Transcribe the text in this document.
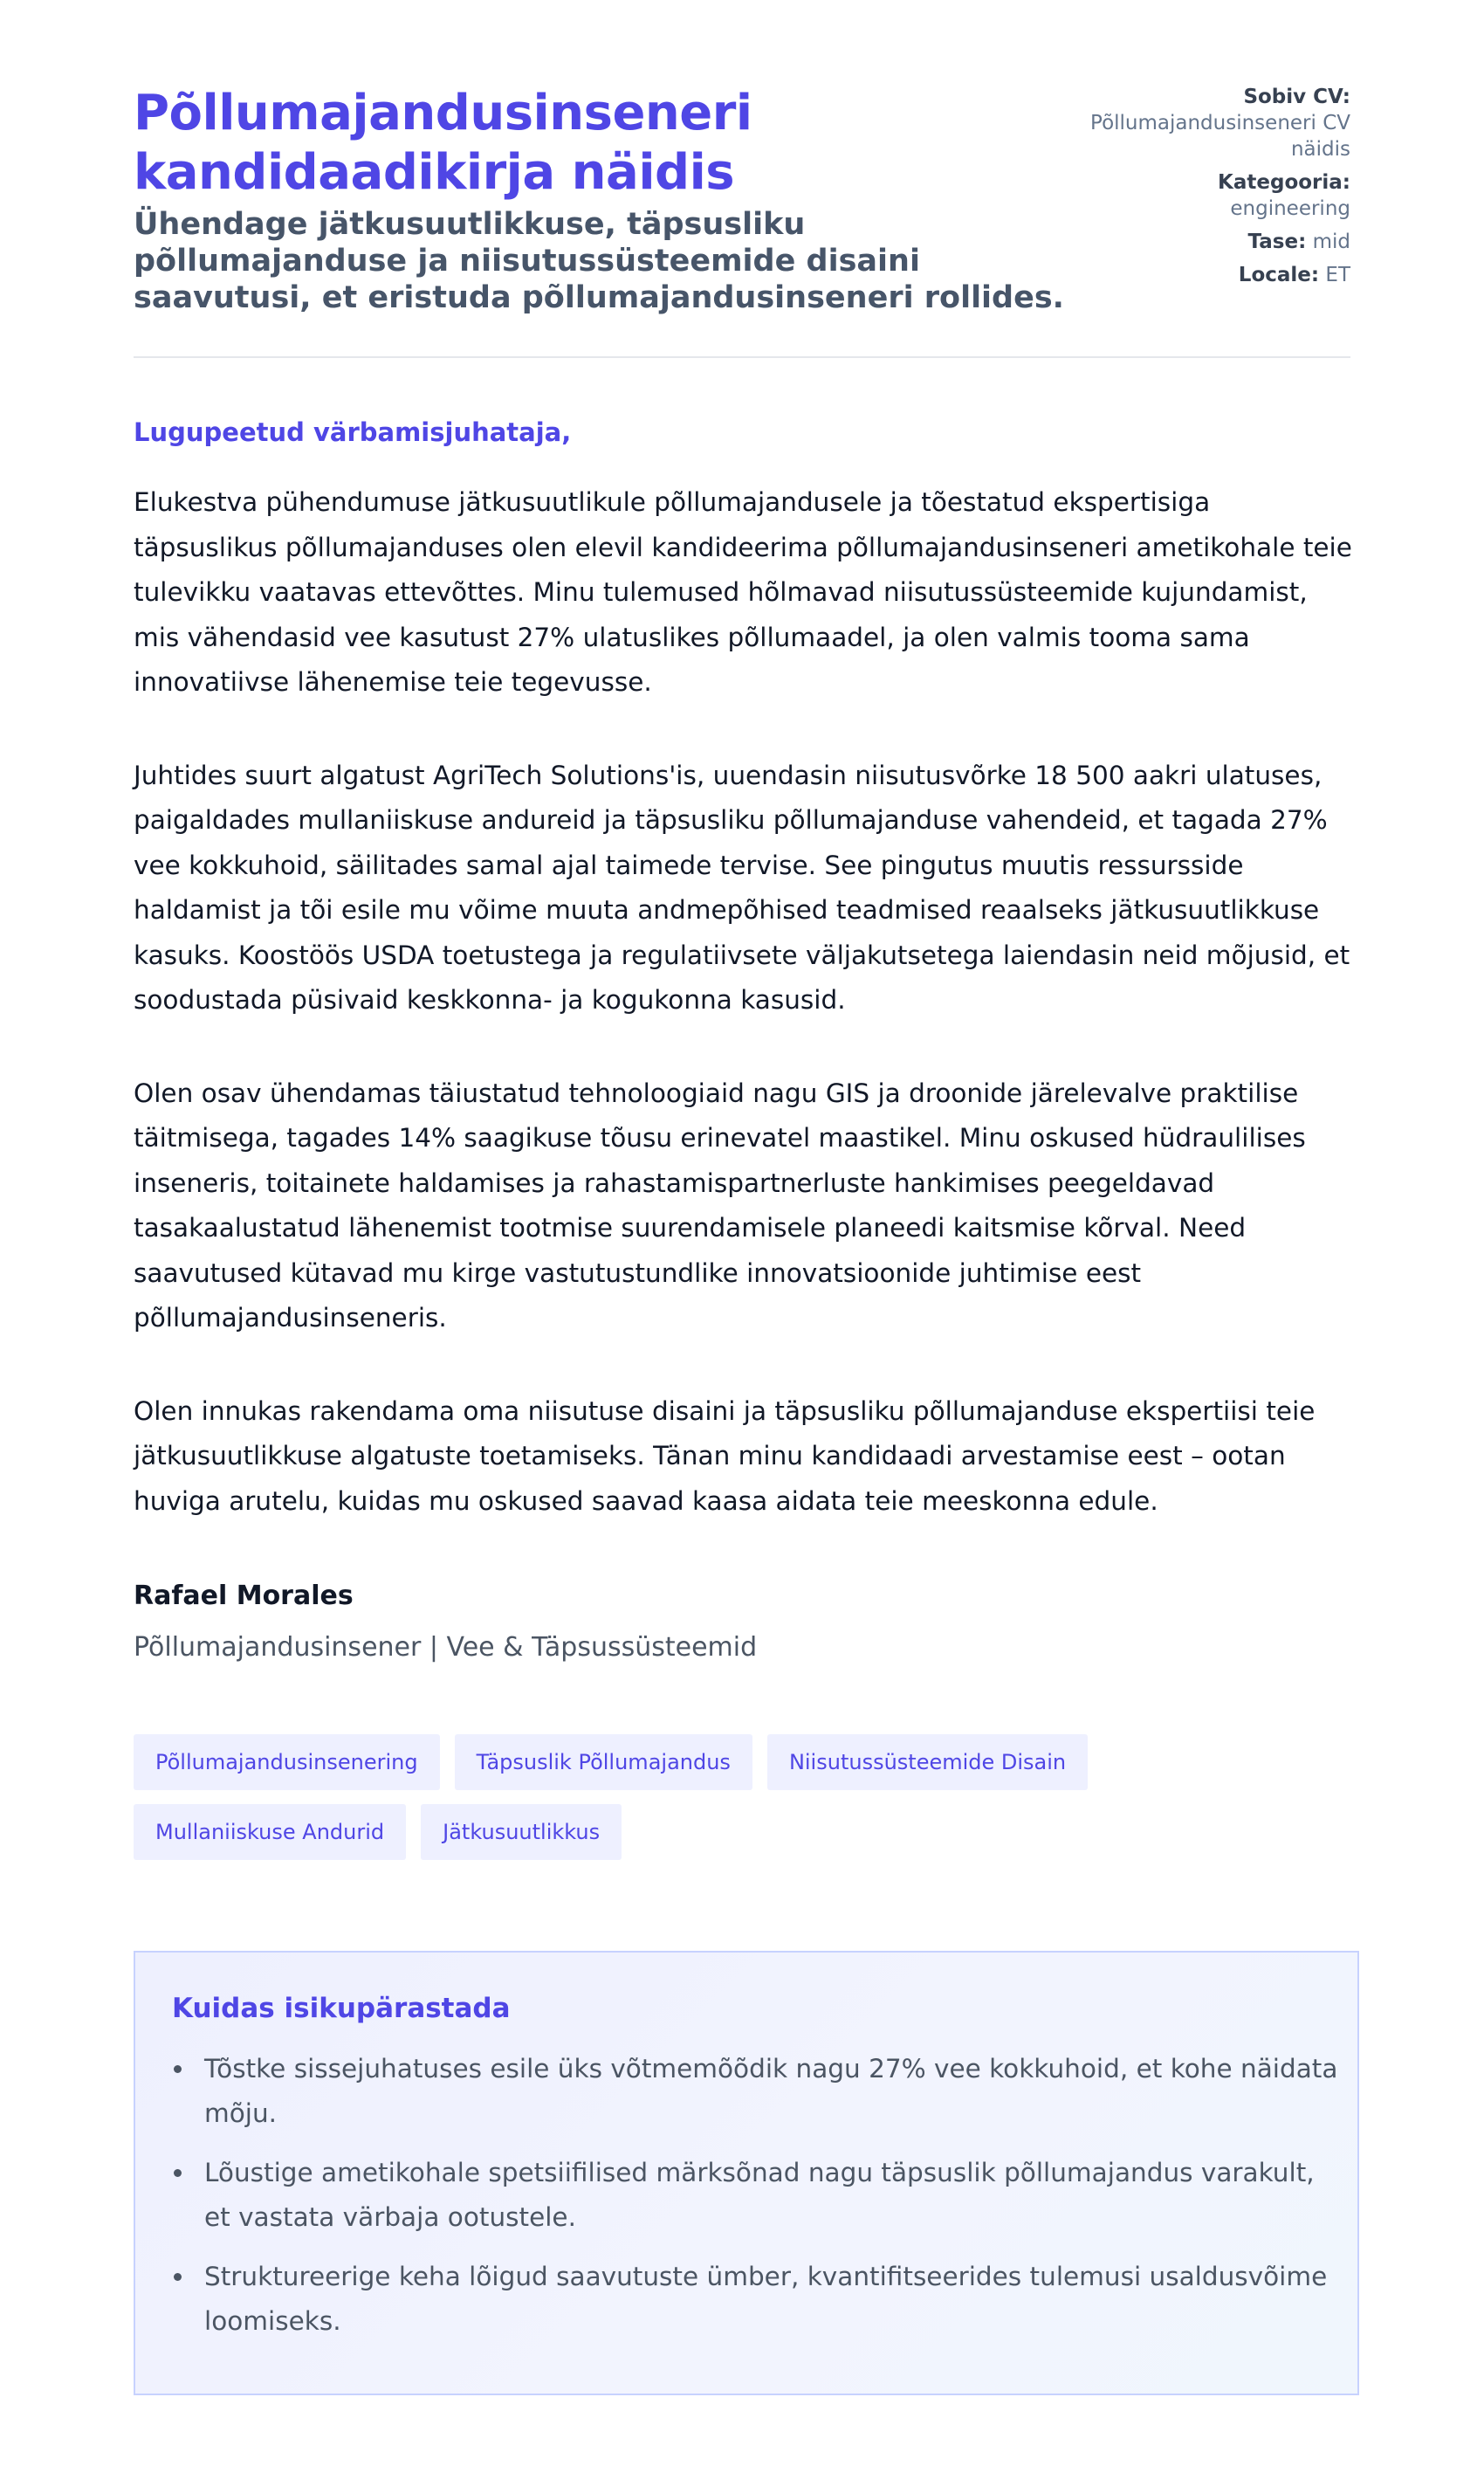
Põllumajandusinseneri kandidaadikirja näidis
Ühendage jätkusuutlikkuse, täpsusliku põllumajanduse ja niisutussüsteemide disaini saavutusi, et eristuda põllumajandusinseneri rollides.
Sobiv CV:
Põllumajandusinseneri CV näidis
Kategooria:
engineering
Tase: mid
Locale: ET

Lugupeetud värbamisjuhataja,

Elukestva pühendumuse jätkusuutlikule põllumajandusele ja tõestatud ekspertisiga täpsuslikus põllumajanduses olen elevil kandideerima põllumajandusinseneri ametikohale teie tulevikku vaatavas ettevõttes. Minu tulemused hõlmavad niisutussüsteemide kujundamist, mis vähendasid vee kasutust 27% ulatuslikes põllumaadel, ja olen valmis tooma sama innovatiivse lähenemise teie tegevusse.

Juhtides suurt algatust AgriTech Solutions'is, uuendasin niisutusvõrke 18 500 aakri ulatuses, paigaldades mullaniiskuse andureid ja täpsusliku põllumajanduse vahendeid, et tagada 27% vee kokkuhoid, säilitades samal ajal taimede tervise. See pingutus muutis ressursside haldamist ja tõi esile mu võime muuta andmepõhised teadmised reaalseks jätkusuutlikkuse kasuks. Koostöös USDA toetustega ja regulatiivsete väljakutsetega laiendasin neid mõjusid, et soodustada püsivaid keskkonna- ja kogukonna kasusid.

Olen osav ühendamas täiustatud tehnoloogiaid nagu GIS ja droonide järelevalve praktilise täitmisega, tagades 14% saagikuse tõusu erinevatel maastikel. Minu oskused hüdraulilises inseneris, toitainete haldamises ja rahastamispartnerluste hankimises peegeldavad tasakaalustatud lähenemist tootmise suurendamisele planeedi kaitsmise kõrval. Need saavutused kütavad mu kirge vastutustundlike innovatsioonide juhtimise eest põllumajandusinseneris.

Olen innukas rakendama oma niisutuse disaini ja täpsusliku põllumajanduse ekspertiisi teie jätkusuutlikkuse algatuste toetamiseks. Tänan minu kandidaadi arvestamise eest – ootan huviga arutelu, kuidas mu oskused saavad kaasa aidata teie meeskonna edule.

Rafael Morales

Põllumajandusinsener | Vee & Täpsussüsteemid

Põllumajandusinsenering	Täpsuslik Põllumajandus	Niisutussüsteemide Disain
Mullaniiskuse Andurid	Jätkusuutlikkus
Kuidas isikupärastada
Tõstke sissejuhatuses esile üks võtmemõõdik nagu 27% vee kokkuhoid, et kohe näidata mõju.
Lõustige ametikohale spetsiifilised märksõnad nagu täpsuslik põllumajandus varakult, et vastata värbaja ootustele.
Struktureerige keha lõigud saavutuste ümber, kvantifitseerides tulemusi usaldusvõime loomiseks.
